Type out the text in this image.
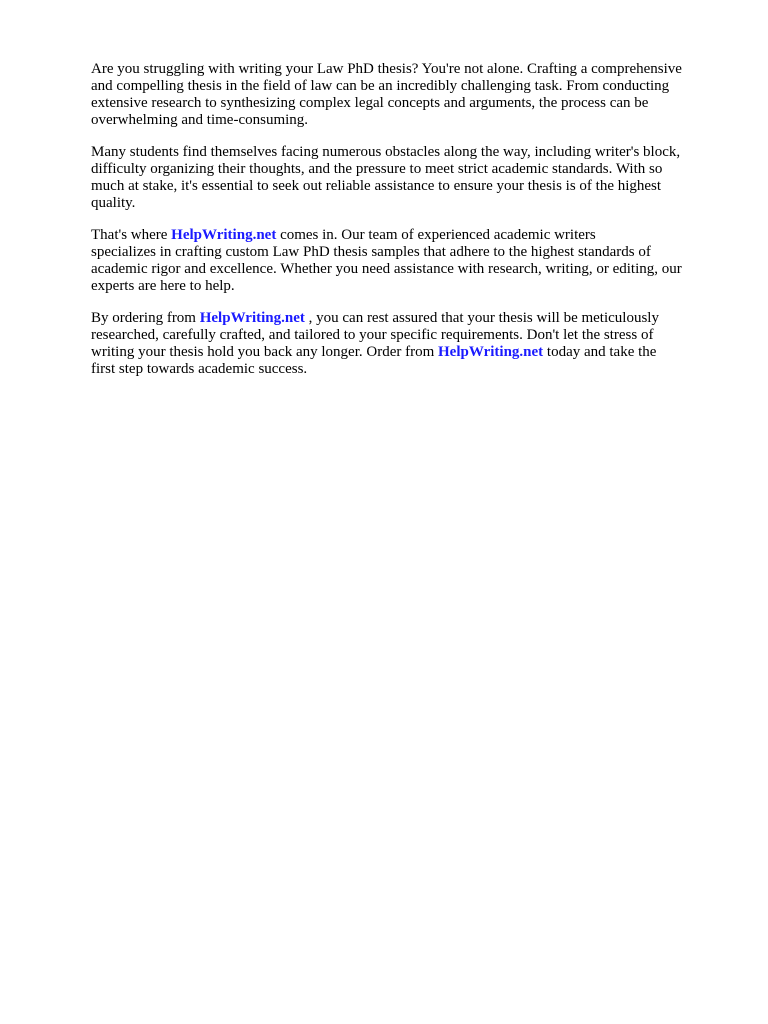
Are you struggling with writing your Law PhD thesis? You're not alone. Crafting a comprehensive
and compelling thesis in the field of law can be an incredibly challenging task. From conducting
extensive research to synthesizing complex legal concepts and arguments, the process can be
overwhelming and time-consuming.

Many students find themselves facing numerous obstacles along the way, including writer's block,
difficulty organizing their thoughts, and the pressure to meet strict academic standards. With so
much at stake, it's essential to seek out reliable assistance to ensure your thesis is of the highest
quality.

That's where HelpWriting.net comes in. Our team of experienced academic writers
specializes in crafting custom Law PhD thesis samples that adhere to the highest standards of
academic rigor and excellence. Whether you need assistance with research, writing, or editing, our
experts are here to help.

By ordering from HelpWriting.net , you can rest assured that your thesis will be meticulously
researched, carefully crafted, and tailored to your specific requirements. Don't let the stress of
writing your thesis hold you back any longer. Order from HelpWriting.net today and take the
first step towards academic success.
